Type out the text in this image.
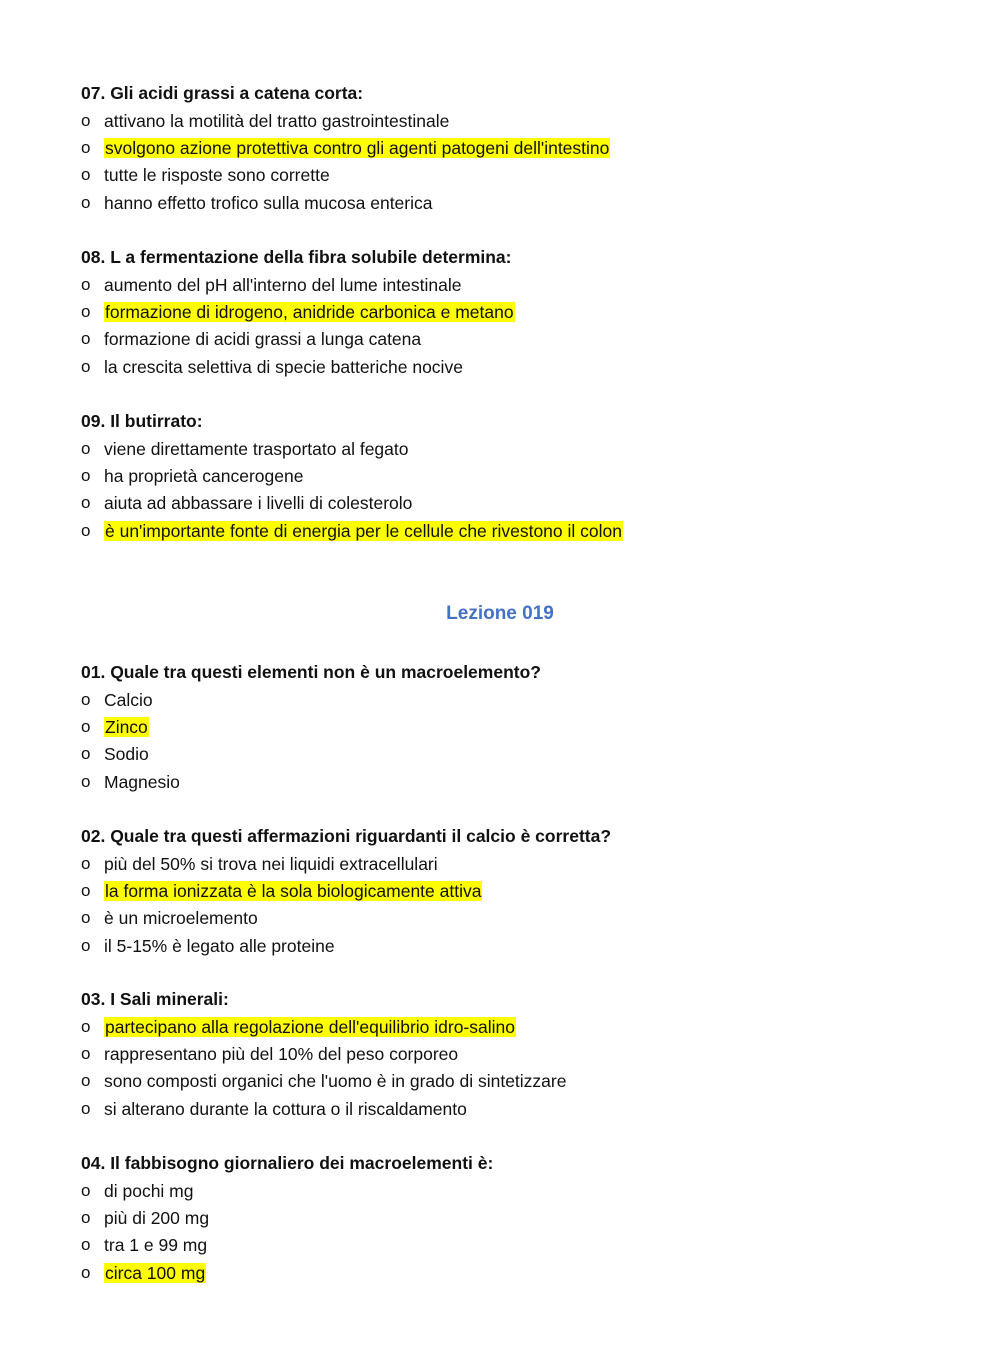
07. Gli acidi grassi a catena corta:
o attivano la motilità del tratto gastrointestinale
o svolgono azione protettiva contro gli agenti patogeni dell'intestino
o tutte le risposte sono corrette
o hanno effetto trofico sulla mucosa enterica
08. L a fermentazione della fibra solubile determina:
o aumento del pH all'interno del lume intestinale
o formazione di idrogeno, anidride carbonica e metano
o formazione di acidi grassi a lunga catena
o la crescita selettiva di specie batteriche nocive
09. Il butirrato:
o viene direttamente trasportato al fegato
o ha proprietà cancerogene
o aiuta ad abbassare i livelli di colesterolo
o è un'importante fonte di energia per le cellule che rivestono il colon
01. Quale tra questi elementi non è un macroelemento?
o Calcio
o Zinco
o Sodio
o Magnesio
02. Quale tra questi affermazioni riguardanti il calcio è corretta?
o più del 50% si trova nei liquidi extracellulari
o la forma ionizzata è la sola biologicamente attiva
o è un microelemento
o il 5-15% è legato alle proteine
03. I Sali minerali:
o partecipano alla regolazione dell'equilibrio idro-salino
o rappresentano più del 10% del peso corporeo
o sono composti organici che l'uomo è in grado di sintetizzare
o si alterano durante la cottura o il riscaldamento
04. Il fabbisogno giornaliero dei macroelementi è:
o di pochi mg
o più di 200 mg
o tra 1 e 99 mg
o circa 100 mg
Lezione 019
